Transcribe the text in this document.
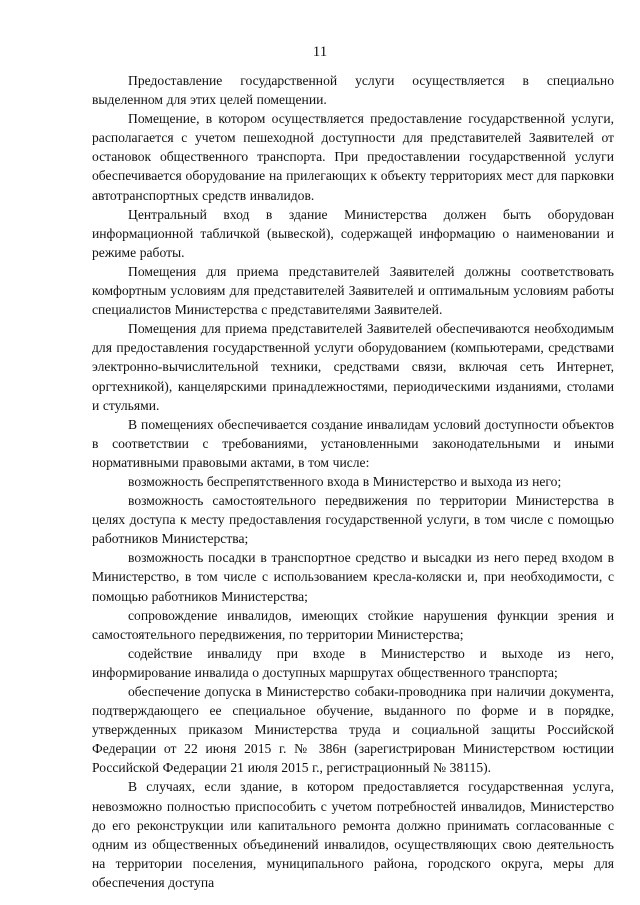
11

Предоставление государственной услуги осуществляется в специально выделенном для этих целей помещении.

Помещение, в котором осуществляется предоставление государственной услуги, располагается с учетом пешеходной доступности для представителей Заявителей от остановок общественного транспорта. При предоставлении государственной услуги обеспечивается оборудование на прилегающих к объекту территориях мест для парковки автотранспортных средств инвалидов.

Центральный вход в здание Министерства должен быть оборудован информационной табличкой (вывеской), содержащей информацию о наименовании и режиме работы.

Помещения для приема представителей Заявителей должны соответствовать комфортным условиям для представителей Заявителей и оптимальным условиям работы специалистов Министерства с представителями Заявителей.

Помещения для приема представителей Заявителей обеспечиваются необходимым для предоставления государственной услуги оборудованием (компьютерами, средствами электронно-вычислительной техники, средствами связи, включая сеть Интернет, оргтехникой), канцелярскими принадлежностями, периодическими изданиями, столами и стульями.

В помещениях обеспечивается создание инвалидам условий доступности объектов в соответствии с требованиями, установленными законодательными и иными нормативными правовыми актами, в том числе:

возможность беспрепятственного входа в Министерство и выхода из него;

возможность самостоятельного передвижения по территории Министерства в целях доступа к месту предоставления государственной услуги, в том числе с помощью работников Министерства;

возможность посадки в транспортное средство и высадки из него перед входом в Министерство, в том числе с использованием кресла-коляски и, при необходимости, с помощью работников Министерства;

сопровождение инвалидов, имеющих стойкие нарушения функции зрения и самостоятельного передвижения, по территории Министерства;

содействие инвалиду при входе в Министерство и выходе из него, информирование инвалида о доступных маршрутах общественного транспорта;

обеспечение допуска в Министерство собаки-проводника при наличии документа, подтверждающего ее специальное обучение, выданного по форме и в порядке, утвержденных приказом Министерства труда и социальной защиты Российской Федерации от 22 июня 2015 г. № 386н (зарегистрирован Министерством юстиции Российской Федерации 21 июля 2015 г., регистрационный № 38115).

В случаях, если здание, в котором предоставляется государственная услуга, невозможно полностью приспособить с учетом потребностей инвалидов, Министерство до его реконструкции или капитального ремонта должно принимать согласованные с одним из общественных объединений инвалидов, осуществляющих свою деятельность на территории поселения, муниципального района, городского округа, меры для обеспечения доступа
